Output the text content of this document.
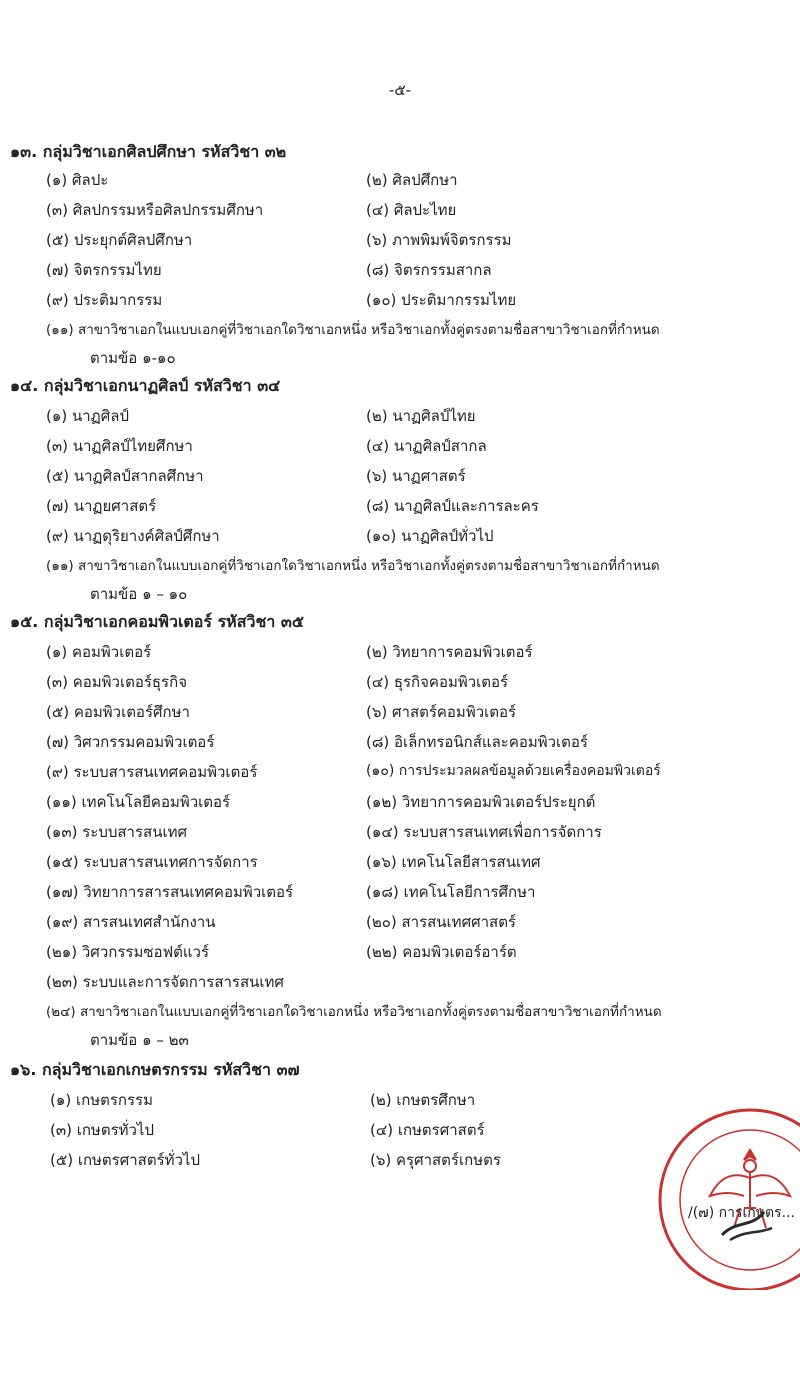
-๕-
๑๓. กลุ่มวิชาเอกศิลปศึกษา รหัสวิชา ๓๒
(๑) ศิลปะ	(๒) ศิลปศึกษา
(๓) ศิลปกรรมหรือศิลปกรรมศึกษา	(๔) ศิลปะไทย
(๕) ประยุกต์ศิลปศึกษา	(๖) ภาพพิมพ์จิตรกรรม
(๗) จิตรกรรมไทย	(๘) จิตรกรรมสากล
(๙) ประติมากรรม	(๑๐) ประติมากรรมไทย
(๑๑) สาขาวิชาเอกในแบบเอกคู่ที่วิชาเอกใดวิชาเอกหนึ่ง หรือวิชาเอกทั้งคู่ตรงตามชื่อสาขาวิชาเอกที่กำหนด
ตามข้อ ๑-๑๐
๑๔. กลุ่มวิชาเอกนาฏศิลป์ รหัสวิชา ๓๔
(๑) นาฏศิลป์	(๒) นาฏศิลป์ไทย
(๓) นาฏศิลป์ไทยศึกษา	(๔) นาฏศิลป์สากล
(๕) นาฏศิลป์สากลศึกษา	(๖) นาฏศาสตร์
(๗) นาฏยศาสตร์	(๘) นาฏศิลป์และการละคร
(๙) นาฏดุริยางค์ศิลป์ศึกษา	(๑๐) นาฏศิลป์ทั่วไป
(๑๑) สาขาวิชาเอกในแบบเอกคู่ที่วิชาเอกใดวิชาเอกหนึ่ง หรือวิชาเอกทั้งคู่ตรงตามชื่อสาขาวิชาเอกที่กำหนด
ตามข้อ ๑ – ๑๐
๑๕. กลุ่มวิชาเอกคอมพิวเตอร์ รหัสวิชา ๓๕
(๑) คอมพิวเตอร์	(๒) วิทยาการคอมพิวเตอร์
(๓) คอมพิวเตอร์ธุรกิจ	(๔) ธุรกิจคอมพิวเตอร์
(๕) คอมพิวเตอร์ศึกษา	(๖) ศาสตร์คอมพิวเตอร์
(๗) วิศวกรรมคอมพิวเตอร์	(๘) อิเล็กทรอนิกส์และคอมพิวเตอร์
(๙) ระบบสารสนเทศคอมพิวเตอร์	(๑๐) การประมวลผลข้อมูลด้วยเครื่องคอมพิวเตอร์
(๑๑) เทคโนโลยีคอมพิวเตอร์	(๑๒) วิทยาการคอมพิวเตอร์ประยุกต์
(๑๓) ระบบสารสนเทศ	(๑๔) ระบบสารสนเทศเพื่อการจัดการ
(๑๕) ระบบสารสนเทศการจัดการ	(๑๖) เทคโนโลยีสารสนเทศ
(๑๗) วิทยาการสารสนเทศคอมพิวเตอร์	(๑๘) เทคโนโลยีการศึกษา
(๑๙) สารสนเทศสำนักงาน	(๒๐) สารสนเทศศาสตร์
(๒๑) วิศวกรรมซอฟต์แวร์	(๒๒) คอมพิวเตอร์อาร์ต
(๒๓) ระบบและการจัดการสารสนเทศ
(๒๔) สาขาวิชาเอกในแบบเอกคู่ที่วิชาเอกใดวิชาเอกหนึ่ง หรือวิชาเอกทั้งคู่ตรงตามชื่อสาขาวิชาเอกที่กำหนด
ตามข้อ ๑ – ๒๓
๑๖. กลุ่มวิชาเอกเกษตรกรรม รหัสวิชา ๓๗
(๑) เกษตรกรรม	(๒) เกษตรศึกษา
(๓) เกษตรทั่วไป	(๔) เกษตรศาสตร์
(๕) เกษตรศาสตร์ทั่วไป	(๖) ครุศาสตร์เกษตร
/(๗) การเกษตร...
